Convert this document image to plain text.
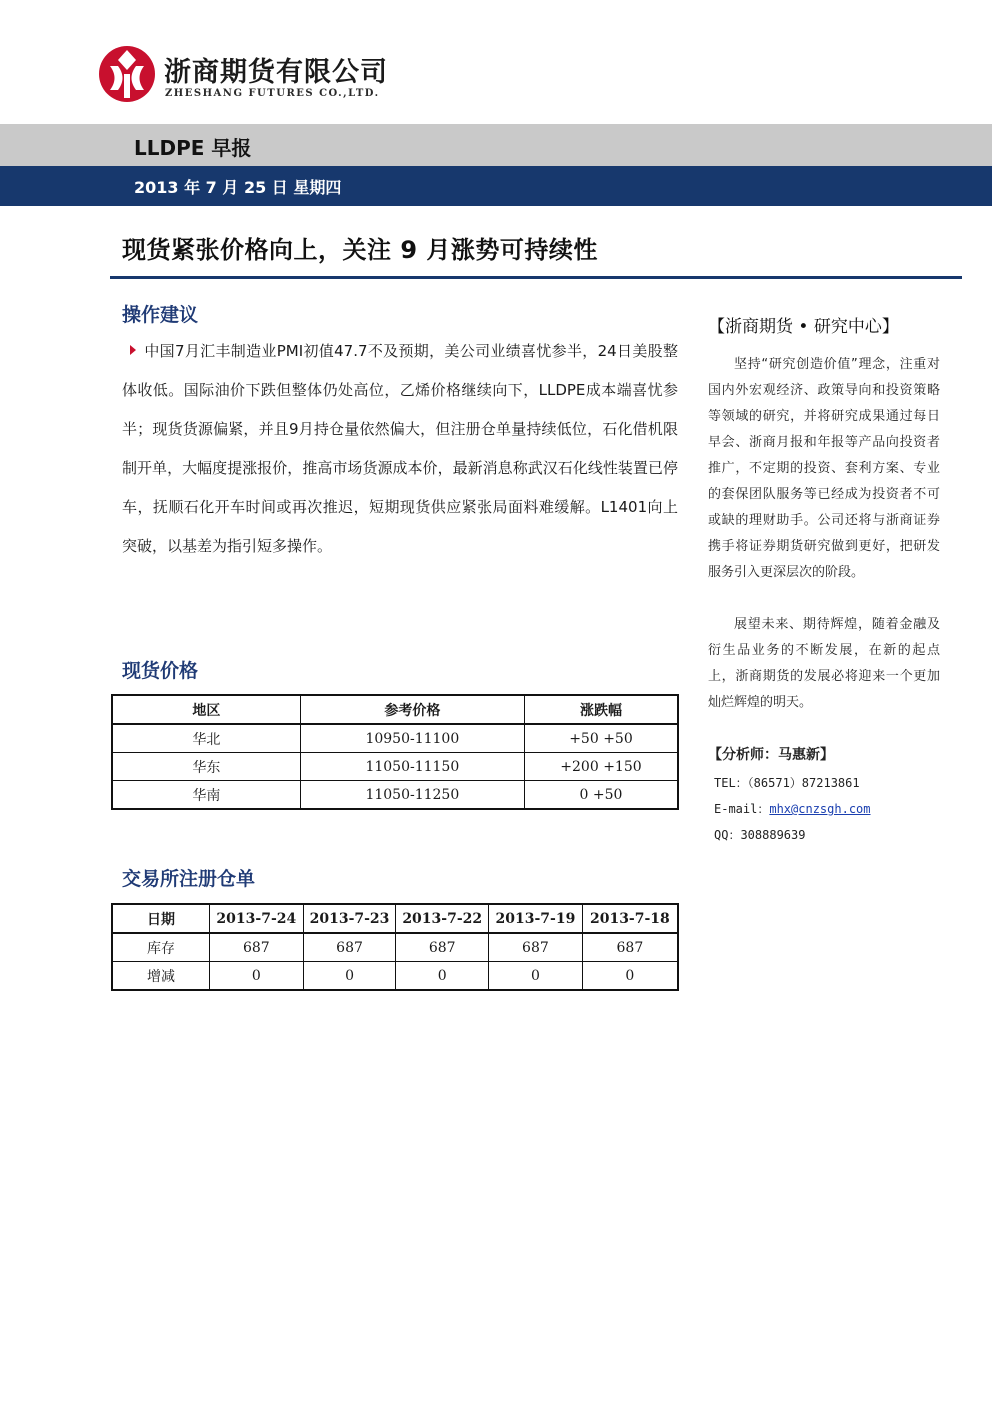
浙商期货有限公司
ZHESHANG FUTURES CO.,LTD.
LLDPE 早报
2013 年 7 月 25 日 星期四
现货紧张价格向上，关注 9 月涨势可持续性
操作建议
中国7月汇丰制造业PMI初值47.7不及预期，美公司业绩喜忧参半，24日美股整体收低。国际油价下跌但整体仍处高位，乙烯价格继续向下，LLDPE成本端喜忧参半；现货货源偏紧，并且9月持仓量依然偏大，但注册仓单量持续低位，石化借机限制开单，大幅度提涨报价，推高市场货源成本价，最新消息称武汉石化线性装置已停车，抚顺石化开车时间或再次推迟，短期现货供应紧张局面料难缓解。L1401向上突破，以基差为指引短多操作。
现货价格
地区	参考价格	涨跌幅
华北	10950-11100	+50 +50
华东	11050-11150	+200 +150
华南	11050-11250	0 +50
交易所注册仓单
日期	2013-7-24	2013-7-23	2013-7-22	2013-7-19	2013-7-18
库存	687	687	687	687	687
增减	0	0	0	0	0
【浙商期货 • 研究中心】
坚持“研究创造价值”理念，注重对国内外宏观经济、政策导向和投资策略等领域的研究，并将研究成果通过每日早会、浙商月报和年报等产品向投资者推广，不定期的投资、套利方案、专业的套保团队服务等已经成为投资者不可或缺的理财助手。公司还将与浙商证券携手将证券期货研究做到更好，把研发服务引入更深层次的阶段。
展望未来、期待辉煌，随着金融及衍生品业务的不断发展，在新的起点上，浙商期货的发展必将迎来一个更加灿烂辉煌的明天。
【分析师：马惠新】
TEL：（86571）87213861
E-mail：mhx@cnzsgh.com
QQ：308889639
